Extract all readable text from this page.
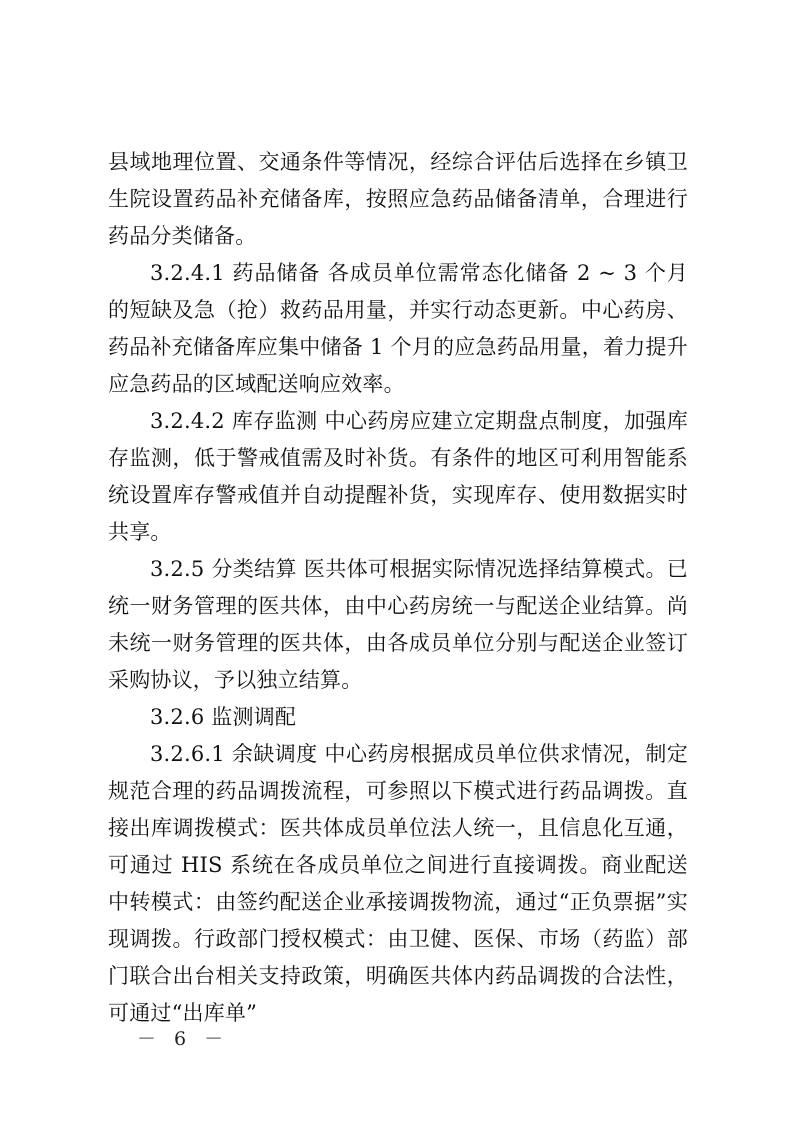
县域地理位置、交通条件等情况，经综合评估后选择在乡镇卫生院设置药品补充储备库，按照应急药品储备清单，合理进行药品分类储备。

3.2.4.1 药品储备 各成员单位需常态化储备 2 ~ 3 个月的短缺及急（抢）救药品用量，并实行动态更新。中心药房、药品补充储备库应集中储备 1 个月的应急药品用量，着力提升应急药品的区域配送响应效率。

3.2.4.2 库存监测 中心药房应建立定期盘点制度，加强库存监测，低于警戒值需及时补货。有条件的地区可利用智能系统设置库存警戒值并自动提醒补货，实现库存、使用数据实时共享。

3.2.5 分类结算 医共体可根据实际情况选择结算模式。已统一财务管理的医共体，由中心药房统一与配送企业结算。尚未统一财务管理的医共体，由各成员单位分别与配送企业签订采购协议，予以独立结算。

3.2.6 监测调配

3.2.6.1 余缺调度 中心药房根据成员单位供求情况，制定规范合理的药品调拨流程，可参照以下模式进行药品调拨。直接出库调拨模式：医共体成员单位法人统一，且信息化互通，可通过 HIS 系统在各成员单位之间进行直接调拨。商业配送中转模式：由签约配送企业承接调拨物流，通过“正负票据”实现调拨。行政部门授权模式：由卫健、医保、市场（药监）部门联合出台相关支持政策，明确医共体内药品调拨的合法性，可通过“出库单”

－ 6 －
